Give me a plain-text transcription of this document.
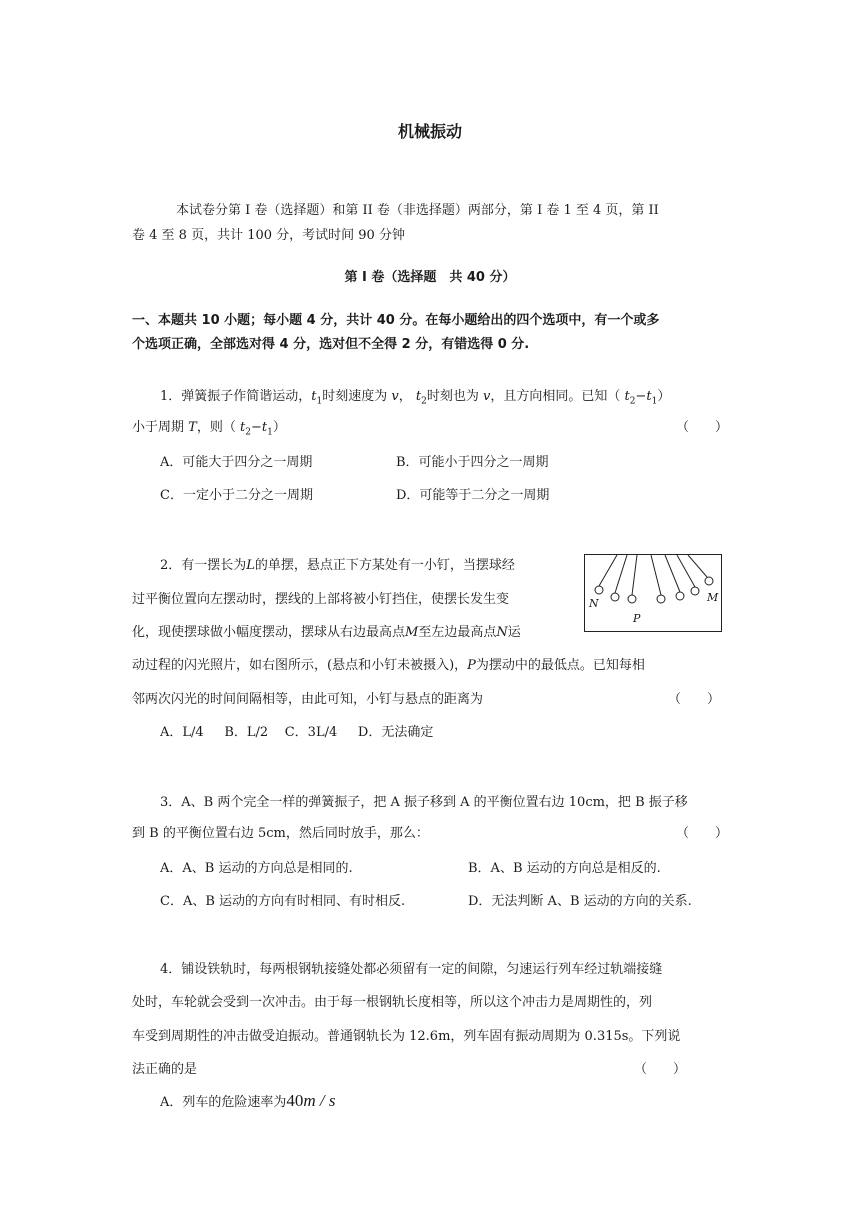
机械振动
本试卷分第 I 卷（选择题）和第 II 卷（非选择题）两部分，第 I 卷 1 至 4 页，第 II
卷 4 至 8 页，共计 100 分，考试时间 90 分钟
第 I 卷（选择题　共 40 分）
一、本题共 10 小题；每小题 4 分，共计 40 分。在每小题给出的四个选项中，有一个或多
个选项正确，全部选对得 4 分，选对但不全得 2 分，有错选得 0 分.
1．弹簧振子作简谐运动，$t_1$时刻速度为 v， $t_2$时刻也为 v，且方向相同。已知（ $t_2-t_1$）
小于周期 T，则（ $t_2-t_1$）	（　　）
A．可能大于四分之一周期	B．可能小于四分之一周期
C．一定小于二分之一周期	D．可能等于二分之一周期
2．有一摆长为L的单摆，悬点正下方某处有一小钉，当摆球经
过平衡位置向左摆动时，摆线的上部将被小钉挡住，使摆长发生变
化，现使摆球做小幅度摆动，摆球从右边最高点M至左边最高点N运
动过程的闪光照片，如右图所示，(悬点和小钉未被摄入)，P为摆动中的最低点。已知每相
邻两次闪光的时间间隔相等，由此可知，小钉与悬点的距离为	（　　）
A．L/4 B．L/2 C．3L/4 D．无法确定
N	M
P
3．A、B 两个完全一样的弹簧振子，把 A 振子移到 A 的平衡位置右边 10cm，把 B 振子移
到 B 的平衡位置右边 5cm，然后同时放手，那么：	（　　）
A．A、B 运动的方向总是相同的.	B．A、B 运动的方向总是相反的.
C．A、B 运动的方向有时相同、有时相反.	D．无法判断 A、B 运动的方向的关系.
4．铺设铁轨时，每两根钢轨接缝处都必须留有一定的间隙，匀速运行列车经过轨端接缝
处时，车轮就会受到一次冲击。由于每一根钢轨长度相等，所以这个冲击力是周期性的，列
车受到周期性的冲击做受迫振动。普通钢轨长为 12.6m，列车固有振动周期为 0.315s。下列说
法正确的是	（　　）
A．列车的危险速率为40m / s
